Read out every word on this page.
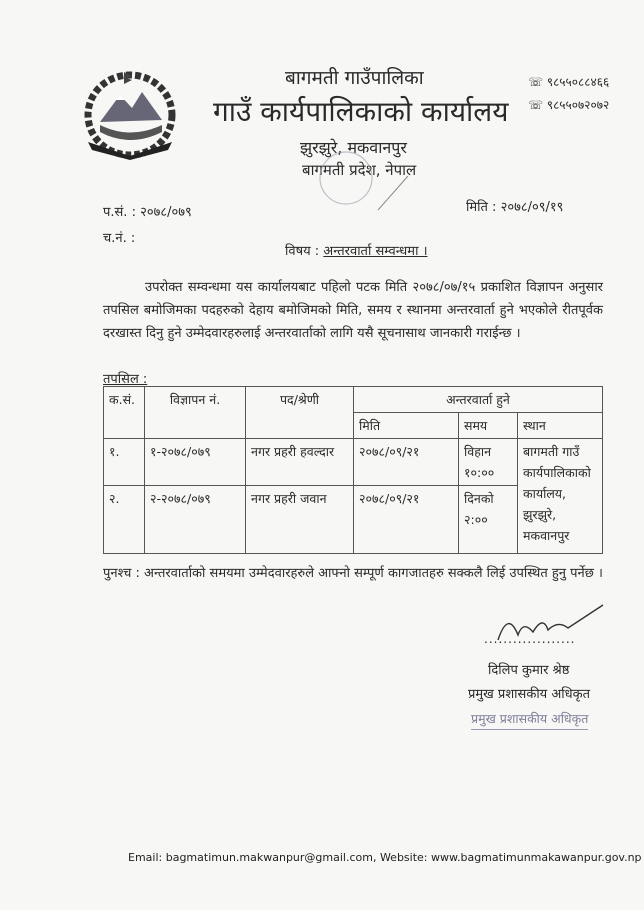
बागमती गाउँपालिका
गाउँ कार्यपालिकाको कार्यालय
झुरझुरे, मकवानपुर
बागमती प्रदेश, नेपाल
☏ ९८५५०८८४६६
☏ ९८५५०७२०७२
प.सं. : २०७८/०७९
च.नं. :
मिति : २०७८/०९/१९
विषय : अन्तरवार्ता सम्वन्धमा ।
उपरोक्त सम्वन्धमा यस कार्यालयबाट पहिलो पटक मिति २०७८/०७/१५ प्रकाशित विज्ञापन अनुसार तपसिल बमोजिमका पदहरुको देहाय बमोजिमको मिति, समय र स्थानमा अन्तरवार्ता हुने भएकोले रीतपूर्वक दरखास्त दिनु हुने उम्मेदवारहरुलाई अन्तरवार्ताको लागि यसै सूचनासाथ जानकारी गराईन्छ ।
तपसिल :
क.सं.	विज्ञापन नं.	पद/श्रेणी	अन्तरवार्ता हुने		
			मिति	समय	स्थान
१.	१-२०७८/०७९	नगर प्रहरी हवल्दार	२०७८/०९/२१	विहान १०:००	बागमती गाउँ कार्यपालिकाको कार्यालय, झुरझुरे, मकवानपुर
२.	२-२०७८/०७९	नगर प्रहरी जवान	२०७८/०९/२१	दिनको २:००	
पुनश्च : अन्तरवार्ताको समयमा उम्मेदवारहरुले आफ्नो सम्पूर्ण कागजातहरु सक्कलै लिई उपस्थित हुनु पर्नेछ ।
...................
दिलिप कुमार श्रेष्ठ
प्रमुख प्रशासकीय अधिकृत
प्रमुख प्रशासकीय अधिकृत
Email: bagmatimun.makwanpur@gmail.com, Website: www.bagmatimunmakawanpur.gov.np
